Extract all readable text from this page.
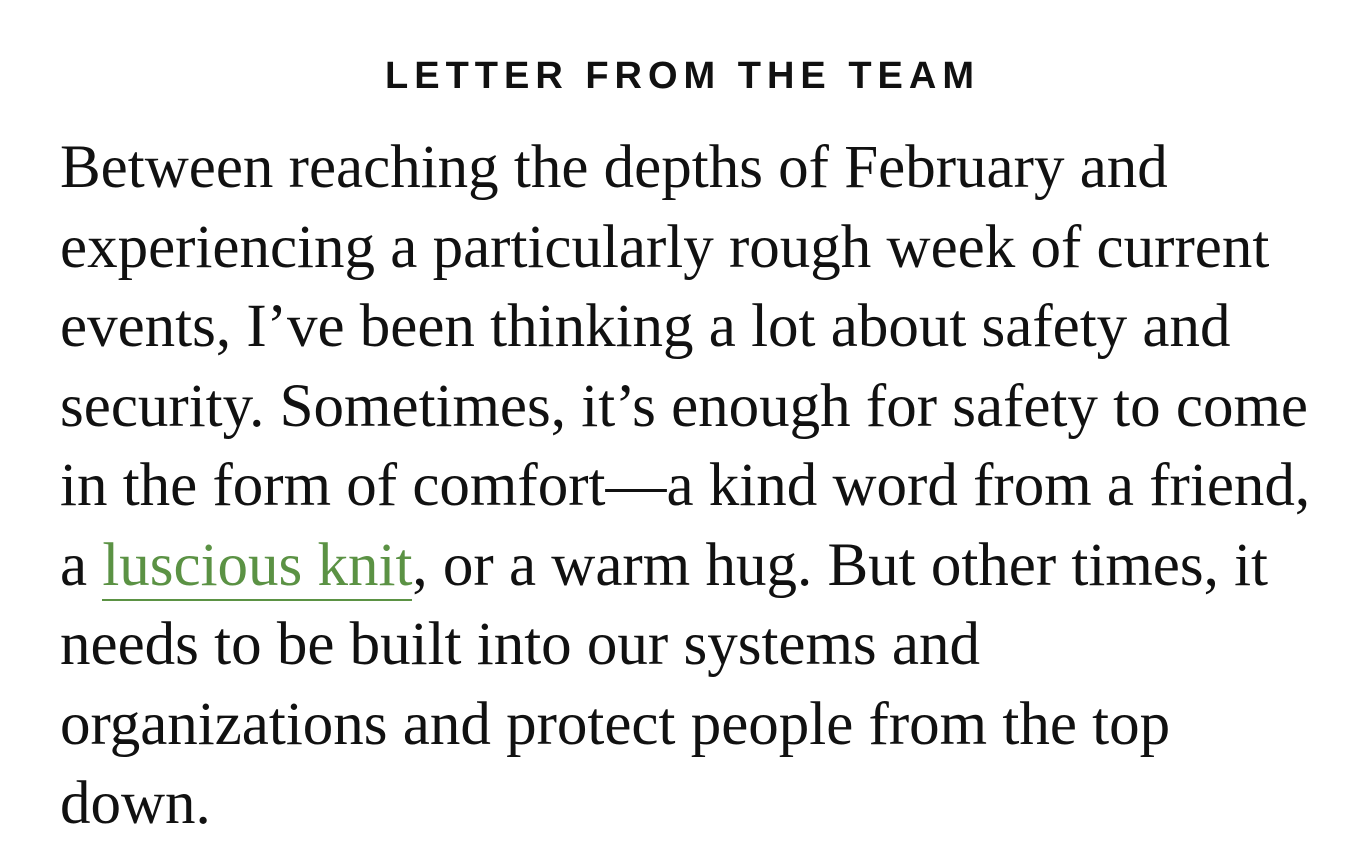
LETTER FROM THE TEAM

Between reaching the depths of February and experiencing a particularly rough week of current events, I’ve been thinking a lot about safety and security. Sometimes, it’s enough for safety to come in the form of comfort—a kind word from a friend, a luscious knit, or a warm hug. But other times, it needs to be built into our systems and organizations and protect people from the top down.
